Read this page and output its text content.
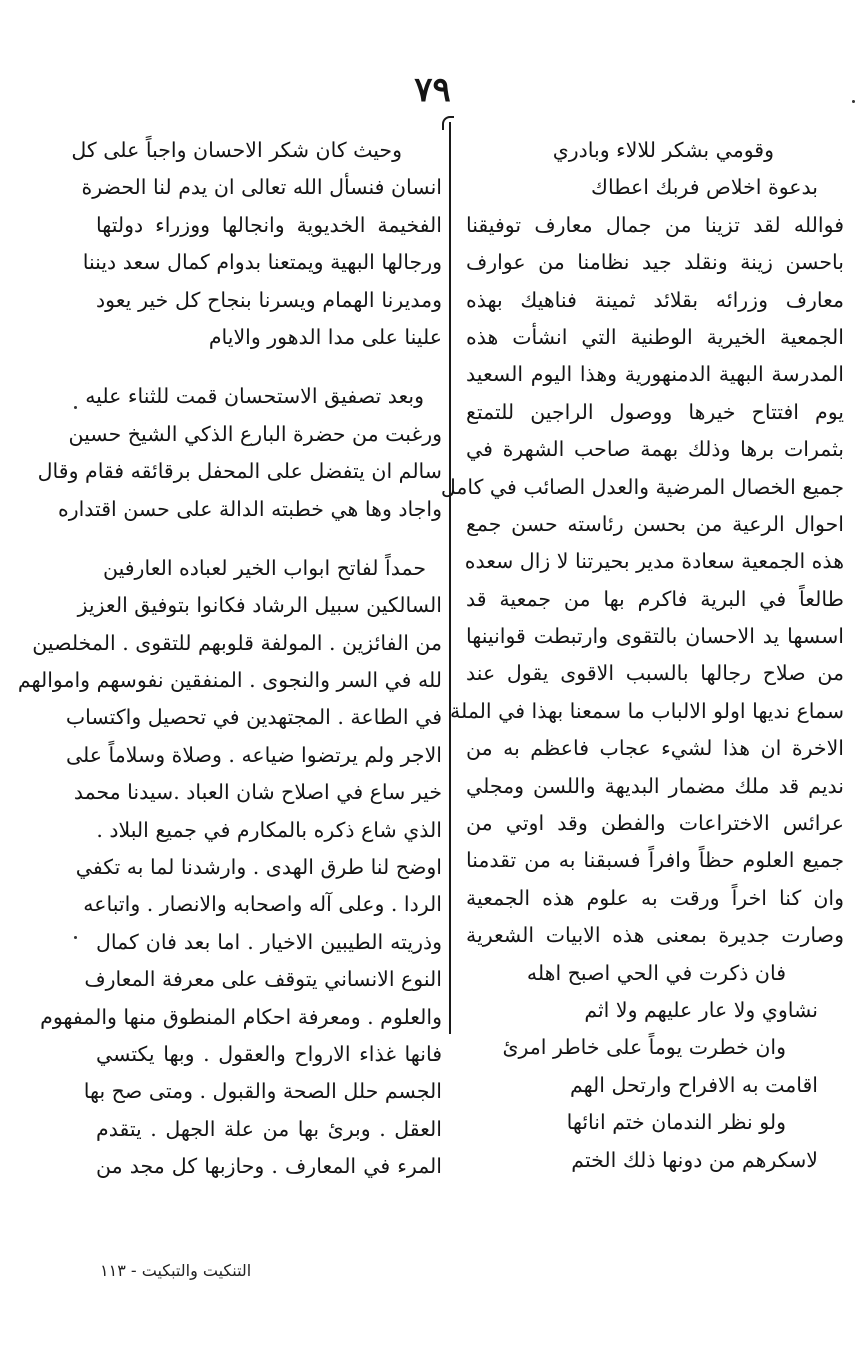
٧٩
وقومي بشكر للالاء وبادري
بدعوة اخلاص فربك اعطاك
فوالله لقد تزينا من جمال معارف توفيقنا
باحسن زينة ونقلد جيد نظامنا من عوارف
معارف وزرائه بقلائد ثمينة فناهيك بهذه
الجمعية الخيرية الوطنية التي انشأت هذه
المدرسة البهية الدمنهورية وهذا اليوم السعيد
يوم افتتاح خيرها ووصول الراجين للتمتع
بثمرات برها وذلك بهمة صاحب الشهرة في
جميع الخصال المرضية والعدل الصائب في كامل
احوال الرعية من بحسن رئاسته حسن جمع
هذه الجمعية سعادة مدير بحيرتنا لا زال سعده
طالعاً في البرية فاكرم بها من جمعية قد
اسسها يد الاحسان بالتقوى وارتبطت قوانينها
من صلاح رجالها بالسبب الاقوى يقول عند
سماع نديها اولو الالباب ما سمعنا بهذا في الملة
الاخرة ان هذا لشيء عجاب فاعظم به من
نديم قد ملك مضمار البديهة واللسن ومجلي
عرائس الاختراعات والفطن وقد اوتي من
جميع العلوم حظاً وافراً فسبقنا به من تقدمنا
وان كنا اخراً ورقت به علوم هذه الجمعية
وصارت جديرة بمعنى هذه الابيات الشعرية
فان ذكرت في الحي اصبح اهله
نشاوي ولا عار عليهم ولا اثم
وان خطرت يوماً على خاطر امرئ
اقامت به الافراح وارتحل الهم
ولو نظر الندمان ختم انائها
لاسكرهم من دونها ذلك الختم
وحيث كان شكر الاحسان واجباً على كل
انسان فنسأل الله تعالى ان يدم لنا الحضرة
الفخيمة الخديوية وانجالها ووزراء دولتها
ورجالها البهية ويمتعنا بدوام كمال سعد ديننا
ومديرنا الهمام ويسرنا بنجاح كل خير يعود
علينا على مدا الدهور والايام
وبعد تصفيق الاستحسان قمت للثناء عليه
ورغبت من حضرة البارع الذكي الشيخ حسين
سالم ان يتفضل على المحفل برقائقه فقام وقال
واجاد وها هي خطبته الدالة على حسن اقتداره
حمداً لفاتح ابواب الخير لعباده العارفين
السالكين سبيل الرشاد فكانوا بتوفيق العزيز
من الفائزين . المولفة قلوبهم للتقوى . المخلصين
لله في السر والنجوى . المنفقين نفوسهم واموالهم
في الطاعة . المجتهدين في تحصيل واكتساب
الاجر ولم يرتضوا ضياعه . وصلاة وسلاماً على
خير ساع في اصلاح شان العباد .سيدنا محمد
الذي شاع ذكره بالمكارم في جميع البلاد .
اوضح لنا طرق الهدى . وارشدنا لما به تكفي
الردا . وعلى آله واصحابه والانصار . واتباعه
وذريته الطيبين الاخيار . اما بعد فان كمال
النوع الانساني يتوقف على معرفة المعارف
والعلوم . ومعرفة احكام المنطوق منها والمفهوم
فانها غذاء الارواح والعقول . وبها يكتسي
الجسم حلل الصحة والقبول . ومتى صح بها
العقل . وبرئ بها من علة الجهل . يتقدم
المرء في المعارف . وحازبها كل مجد من
التنكيت والتبكيت - ١١٣
